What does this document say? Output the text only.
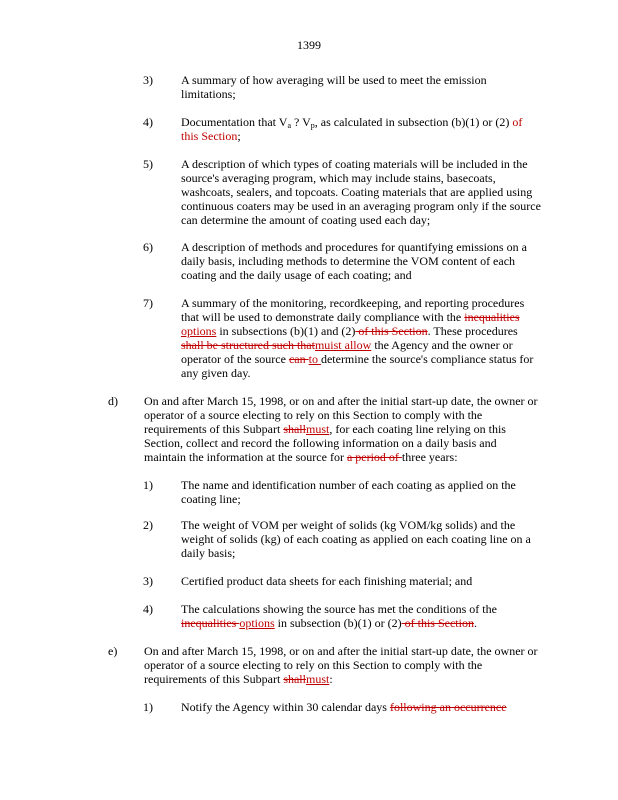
1399
3) A summary of how averaging will be used to meet the emission
limitations;
4) Documentation that $V_a$ ? $V_p$, as calculated in subsection (b)(1) or (2) of
this Section;
5) A description of which types of coating materials will be included in the
source's averaging program, which may include stains, basecoats,
washcoats, sealers, and topcoats. Coating materials that are applied using
continuous coaters may be used in an averaging program only if the source
can determine the amount of coating used each day;
6) A description of methods and procedures for quantifying emissions on a
daily basis, including methods to determine the VOM content of each
coating and the daily usage of each coating; and
7) A summary of the monitoring, recordkeeping, and reporting procedures
that will be used to demonstrate daily compliance with the inequalities
options in subsections (b)(1) and (2) of this Section. These procedures
shall be structured such thatmuist allow the Agency and the owner or
operator of the source can to determine the source's compliance status for
any given day.
d) On and after March 15, 1998, or on and after the initial start-up date, the owner or
operator of a source electing to rely on this Section to comply with the
requirements of this Subpart shallmust, for each coating line relying on this
Section, collect and record the following information on a daily basis and
maintain the information at the source for a period of three years:
1) The name and identification number of each coating as applied on the
coating line;
2) The weight of VOM per weight of solids (kg VOM/kg solids) and the
weight of solids (kg) of each coating as applied on each coating line on a
daily basis;
3) Certified product data sheets for each finishing material; and
4) The calculations showing the source has met the conditions of the
inequalities options in subsection (b)(1) or (2) of this Section.
e) On and after March 15, 1998, or on and after the initial start-up date, the owner or
operator of a source electing to rely on this Section to comply with the
requirements of this Subpart shallmust:
1) Notify the Agency within 30 calendar days following an occurrence
